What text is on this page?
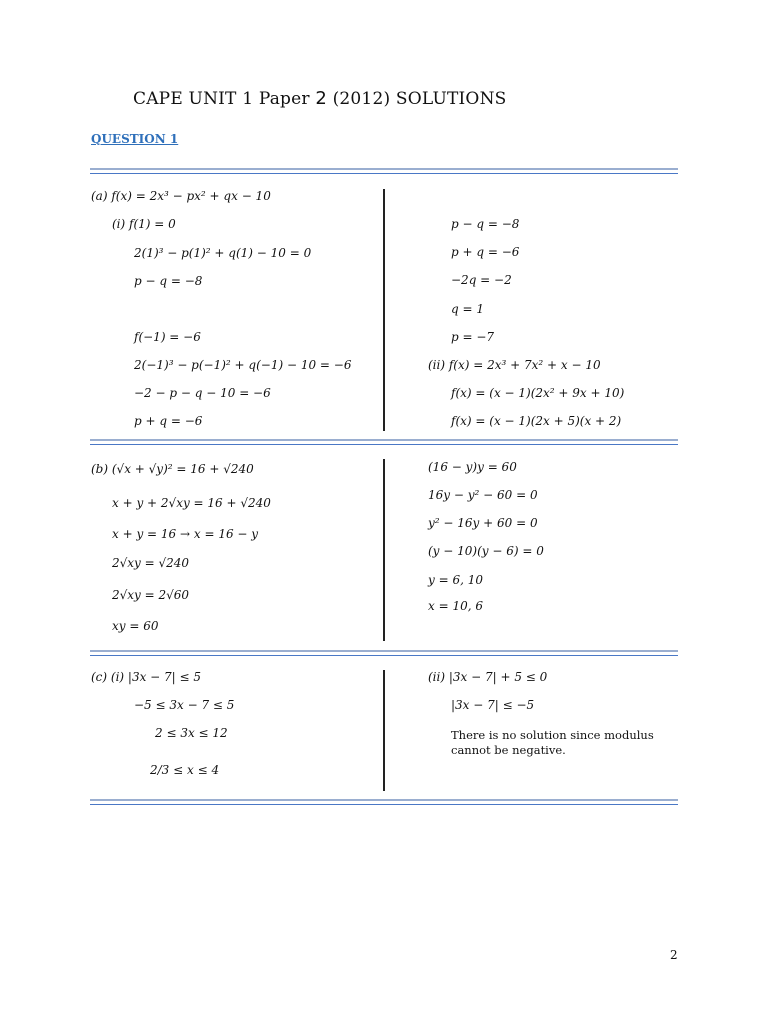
CAPE UNIT 1 Paper 2 (2012) SOLUTIONS
QUESTION 1
(a) f(x) = 2x³ − px² + qx − 10
(i) f(1) = 0
2(1)³ − p(1)² + q(1) − 10 = 0
p − q = −8
f(−1) = −6
2(−1)³ − p(−1)² + q(−1) − 10 = −6
−2 − p − q − 10 = −6
p + q = −6
p − q = −8
p + q = −6
−2q = −2
q = 1
p = −7
(ii) f(x) = 2x³ + 7x² + x − 10
f(x) = (x − 1)(2x² + 9x + 10)
f(x) = (x − 1)(2x + 5)(x + 2)
(b) (√x + √y)² = 16 + √240
x + y + 2√xy = 16 + √240
x + y = 16 → x = 16 − y
2√xy = √240
2√xy = 2√60
xy = 60
(16 − y)y = 60
16y − y² − 60 = 0
y² − 16y + 60 = 0
(y − 10)(y − 6) = 0
y = 6, 10
x = 10, 6
(c) (i) |3x − 7| ≤ 5
−5 ≤ 3x − 7 ≤ 5
2 ≤ 3x ≤ 12
2/3 ≤ x ≤ 4
(ii) |3x − 7| + 5 ≤ 0
|3x − 7| ≤ −5
There is no solution since modulus cannot be negative.
2
